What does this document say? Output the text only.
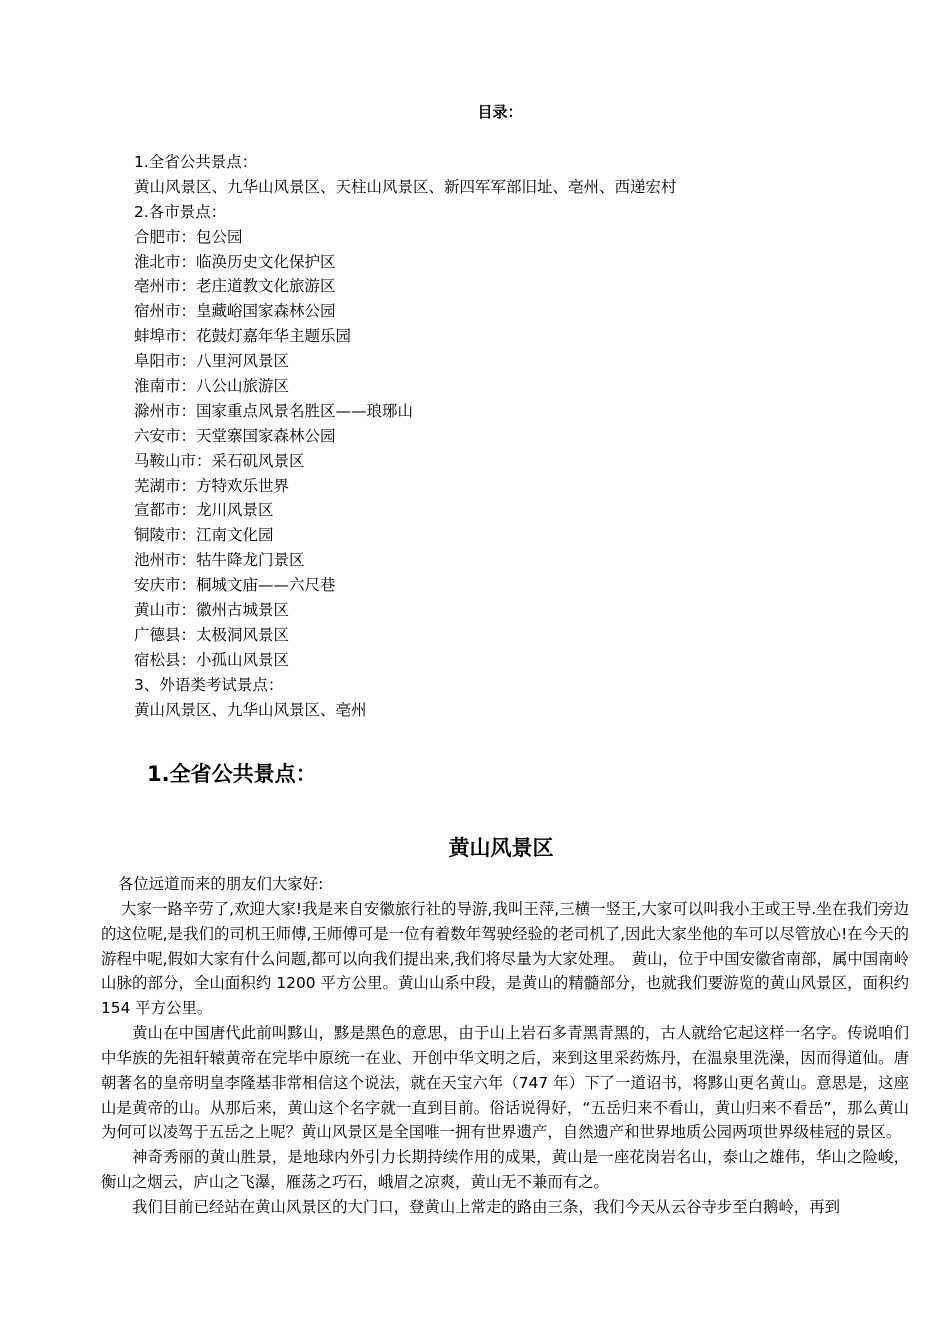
目录：
1.全省公共景点：
黄山风景区、九华山风景区、天柱山风景区、新四军军部旧址、亳州、西递宏村
2.各市景点：
合肥市：包公园
淮北市：临涣历史文化保护区
亳州市：老庄道教文化旅游区
宿州市：皇藏峪国家森林公园
蚌埠市：花鼓灯嘉年华主题乐园
阜阳市：八里河风景区
淮南市：八公山旅游区
滁州市：国家重点风景名胜区——琅琊山
六安市：天堂寨国家森林公园
马鞍山市：采石矶风景区
芜湖市：方特欢乐世界
宣都市：龙川风景区
铜陵市：江南文化园
池州市：牯牛降龙门景区
安庆市：桐城文庙——六尺巷
黄山市：徽州古城景区
广德县：太极洞风景区
宿松县：小孤山风景区
3、外语类考试景点：
黄山风景区、九华山风景区、亳州
1.全省公共景点：
黄山风景区

各位远道而来的朋友们大家好:

大家一路辛劳了,欢迎大家!我是来自安徽旅行社的导游,我叫王萍,三横一竖王,大家可以叫我小王或王导.坐在我们旁边的这位呢,是我们的司机王师傅,王师傅可是一位有着数年驾驶经验的老司机了,因此大家坐他的车可以尽管放心!在今天的游程中呢,假如大家有什么问题,都可以向我们提出来,我们将尽量为大家处理。　黄山，位于中国安徽省南部，属中国南岭山脉的部分，全山面积约 1200 平方公里。黄山山系中段，是黄山的精髓部分，也就我们要游览的黄山风景区，面积约 154 平方公里。

黄山在中国唐代此前叫黟山，黟是黑色的意思，由于山上岩石多青黑青黑的，古人就给它起这样一名字。传说咱们中华族的先祖轩辕黄帝在完毕中原统一在业、开创中华文明之后，来到这里采药炼丹，在温泉里洗澡，因而得道仙。唐朝著名的皇帝明皇李隆基非常相信这个说法，就在天宝六年（747 年）下了一道诏书，将黟山更名黄山。意思是，这座山是黄帝的山。从那后来，黄山这个名字就一直到目前。俗话说得好，“五岳归来不看山，黄山归来不看岳”，那么黄山为何可以凌驾于五岳之上呢？黄山风景区是全国唯一拥有世界遗产，自然遗产和世界地质公园两项世界级桂冠的景区。

神奇秀丽的黄山胜景，是地球内外引力长期持续作用的成果，黄山是一座花岗岩名山，泰山之雄伟，华山之险峻，衡山之烟云，庐山之飞瀑，雁荡之巧石，峨眉之凉爽，黄山无不兼而有之。

我们目前已经站在黄山风景区的大门口，登黄山上常走的路由三条，我们今天从云谷寺步至白鹅岭，再到
